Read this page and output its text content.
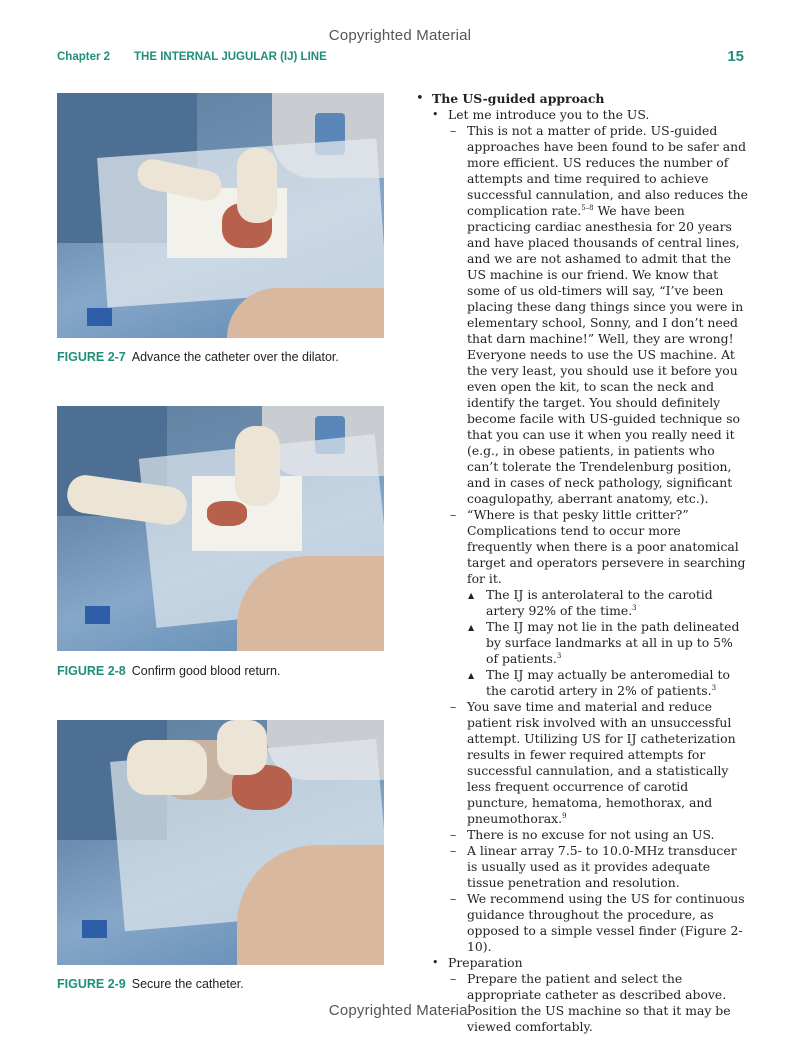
Copyrighted Material
Chapter 2 THE INTERNAL JUGULAR (IJ) LINE	15
FIGURE 2-7 Advance the catheter over the dilator.
FIGURE 2-8 Confirm good blood return.
FIGURE 2-9 Secure the catheter.
• The US-guided approach
• Let me introduce you to the US.
– This is not a matter of pride. US-guided approaches have been found to be safer and more efficient. US reduces the number of attempts and time required to achieve successful cannulation, and also reduces the complication rate.$^{5-8}$ We have been practicing cardiac anesthesia for 20 years and have placed thousands of central lines, and we are not ashamed to admit that the US machine is our friend. We know that some of us old-timers will say, “I’ve been placing these dang things since you were in elementary school, Sonny, and I don’t need that darn machine!” Well, they are wrong! Everyone needs to use the US machine. At the very least, you should use it before you even open the kit, to scan the neck and identify the target. You should definitely become facile with US-guided technique so that you can use it when you really need it (e.g., in obese patients, in patients who can’t tolerate the Trendelenburg position, and in cases of neck pathology, significant coagulopathy, aberrant anatomy, etc.).
– “Where is that pesky little critter?” Complications tend to occur more frequently when there is a poor anatomical target and operators persevere in searching for it.
▲ The IJ is anterolateral to the carotid artery 92% of the time.$^3$
▲ The IJ may not lie in the path delineated by surface landmarks at all in up to 5% of patients.$^3$
▲ The IJ may actually be anteromedial to the carotid artery in 2% of patients.$^3$
– You save time and material and reduce patient risk involved with an unsuccessful attempt. Utilizing US for IJ catheterization results in fewer required attempts for successful cannulation, and a statistically less frequent occurrence of carotid puncture, hematoma, hemothorax, and pneumothorax.$^9$
– There is no excuse for not using an US.
– A linear array 7.5- to 10.0-MHz transducer is usually used as it provides adequate tissue penetration and resolution.
– We recommend using the US for continuous guidance throughout the procedure, as opposed to a simple vessel finder (Figure 2-10).
• Preparation
– Prepare the patient and select the appropriate catheter as described above.
– Position the US machine so that it may be viewed comfortably.
Copyrighted Material
